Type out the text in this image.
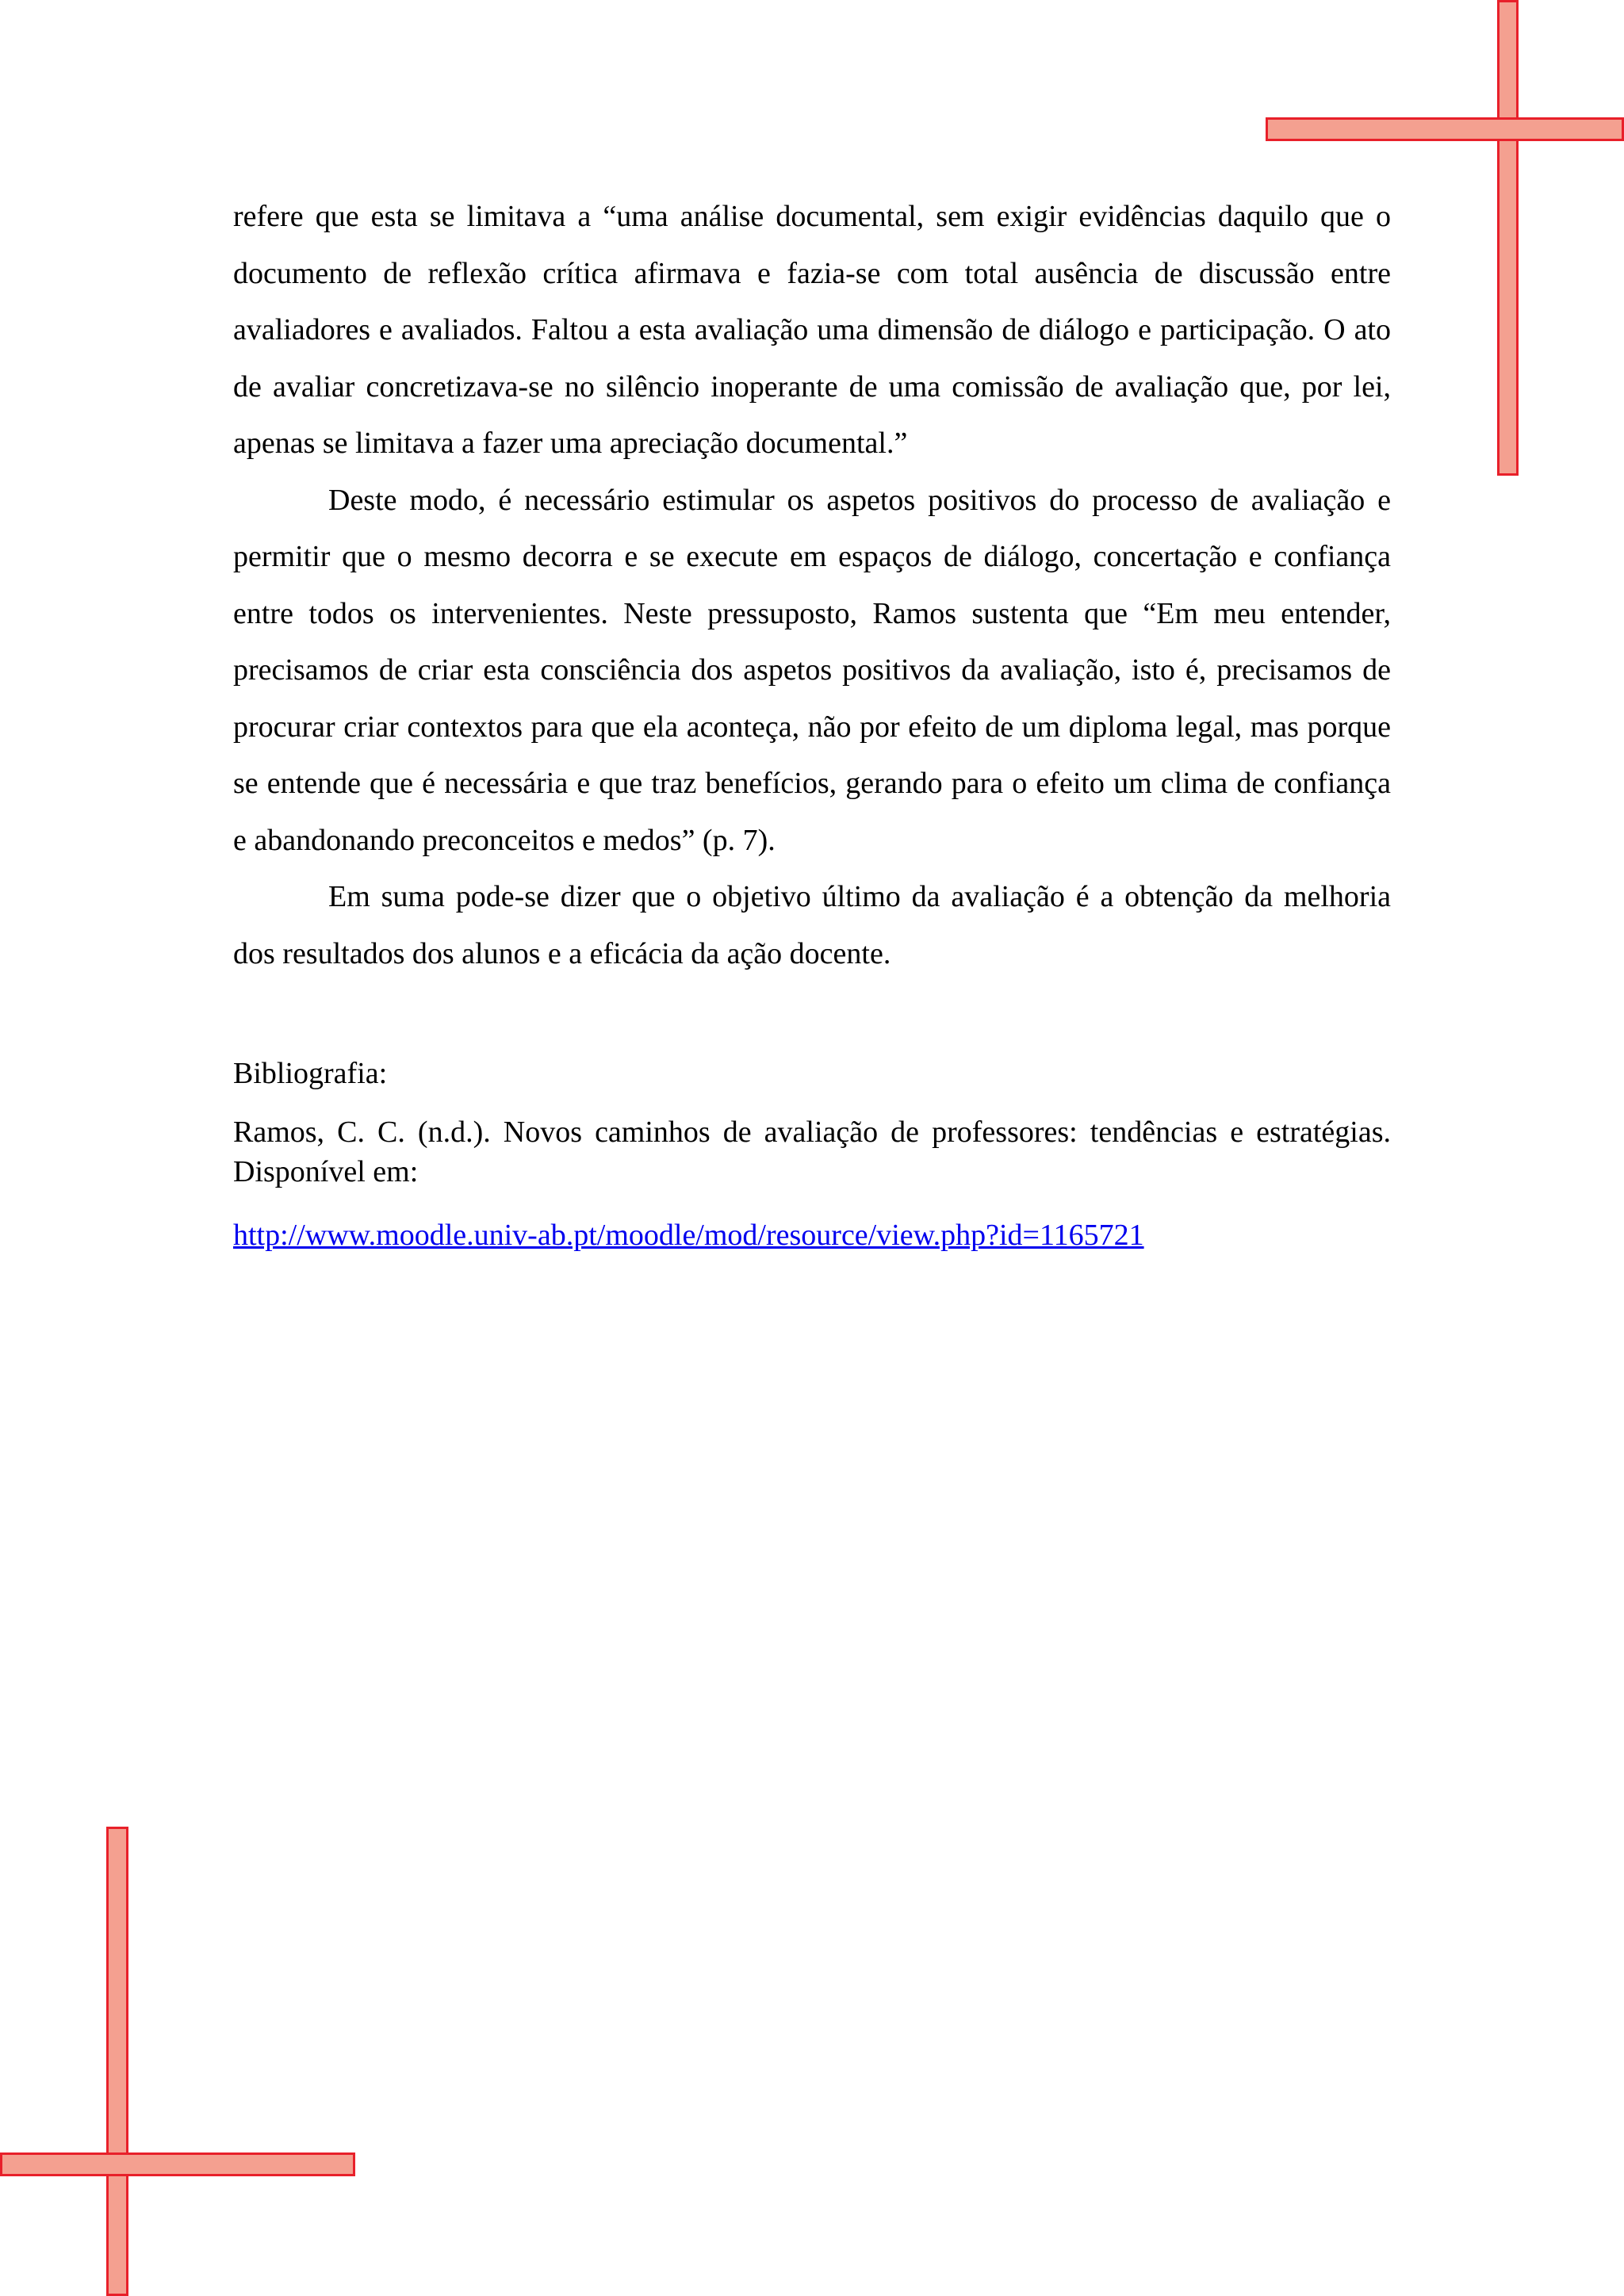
refere que esta se limitava a “uma análise documental, sem exigir evidências daquilo que o documento de reflexão crítica afirmava e fazia-se com total ausência de discussão entre avaliadores e avaliados. Faltou a esta avaliação uma dimensão de diálogo e participação. O ato de avaliar concretizava-se no silêncio inoperante de uma comissão de avaliação que, por lei, apenas se limitava a fazer uma apreciação documental.”

Deste modo, é necessário estimular os aspetos positivos do processo de avaliação e permitir que o mesmo decorra e se execute em espaços de diálogo, concertação e confiança entre todos os intervenientes. Neste pressuposto, Ramos sustenta que “Em meu entender, precisamos de criar esta consciência dos aspetos positivos da avaliação, isto é, precisamos de procurar criar contextos para que ela aconteça, não por efeito de um diploma legal, mas porque se entende que é necessária e que traz benefícios, gerando para o efeito um clima de confiança e abandonando preconceitos e medos” (p. 7).

Em suma pode-se dizer que o objetivo último da avaliação é a obtenção da melhoria dos resultados dos alunos e a eficácia da ação docente.

Bibliografia:

Ramos, C. C. (n.d.). Novos caminhos de avaliação de professores: tendências e estratégias. Disponível em:

http://www.moodle.univ-ab.pt/moodle/mod/resource/view.php?id=1165721
